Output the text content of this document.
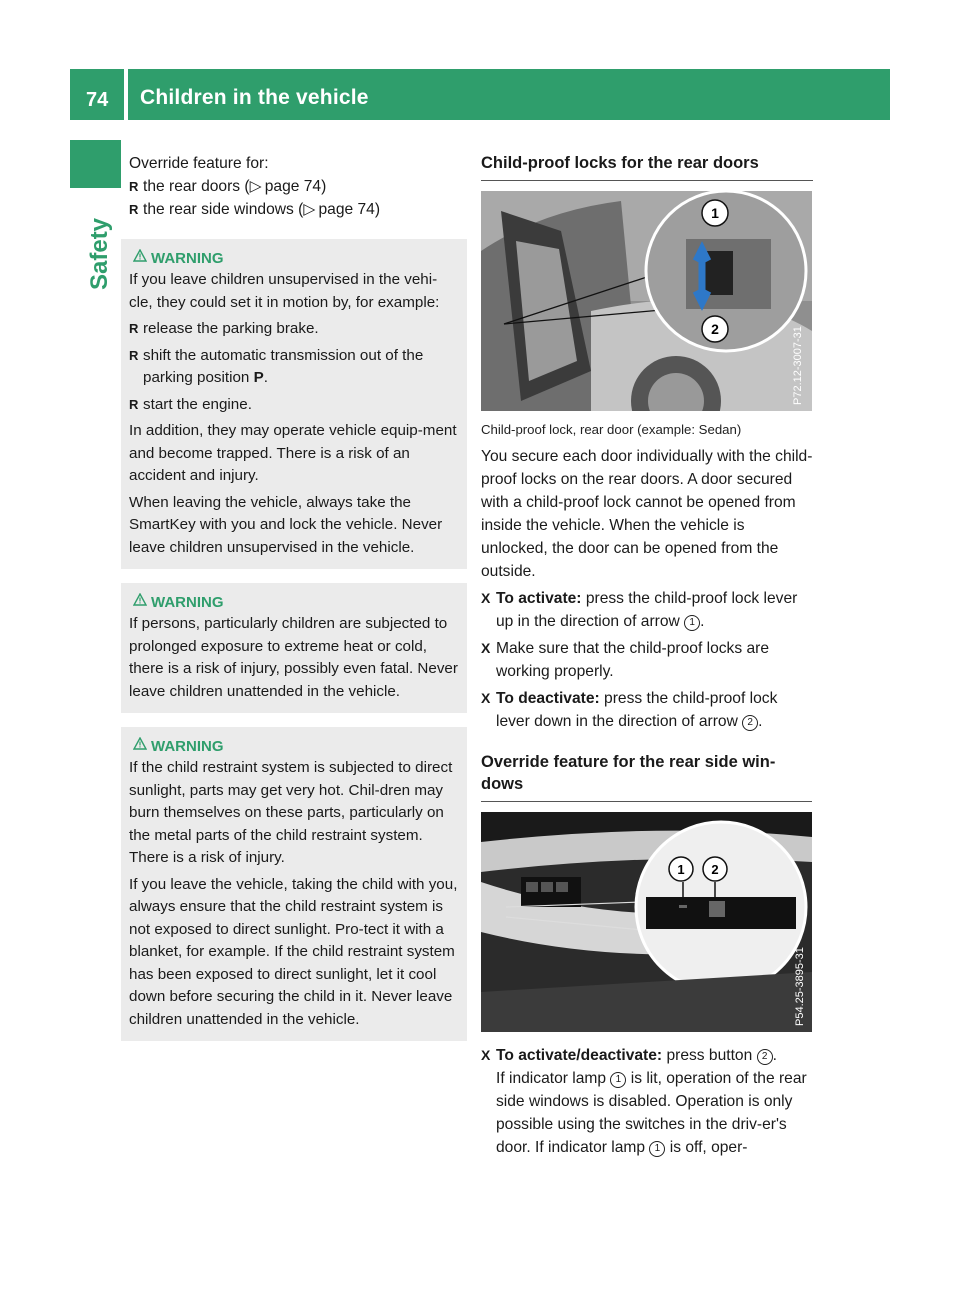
74 Children in the vehicle
Safety

Override feature for:

R the rear doors (▷ page 74)

R the rear side windows (▷ page 74)

WARNING

If you leave children unsupervised in the vehi-cle, they could set it in motion by, for example:

R release the parking brake.

R shift the automatic transmission out of the parking position P.

R start the engine.

In addition, they may operate vehicle equip-ment and become trapped. There is a risk of an accident and injury.

When leaving the vehicle, always take the SmartKey with you and lock the vehicle. Never leave children unsupervised in the vehicle.

WARNING

If persons, particularly children are subjected to prolonged exposure to extreme heat or cold, there is a risk of injury, possibly even fatal. Never leave children unattended in the vehicle.

WARNING

If the child restraint system is subjected to direct sunlight, parts may get very hot. Chil-dren may burn themselves on these parts, particularly on the metal parts of the child restraint system. There is a risk of injury.

If you leave the vehicle, taking the child with you, always ensure that the child restraint system is not exposed to direct sunlight. Pro-tect it with a blanket, for example. If the child restraint system has been exposed to direct sunlight, let it cool down before securing the child in it. Never leave children unattended in the vehicle.

Child-proof locks for the rear doors
1
2	P72.12-3007-31

Child-proof lock, rear door (example: Sedan)

You secure each door individually with the child-proof locks on the rear doors. A door secured with a child-proof lock cannot be opened from inside the vehicle. When the vehicle is unlocked, the door can be opened from the outside.

X To activate: press the child-proof lock lever up in the direction of arrow 1 .

X Make sure that the child-proof locks are working properly.

X To deactivate: press the child-proof lock lever down in the direction of arrow 2 .

Override feature for the rear side win-dows
1 2
P54.25-3895-31

X To activate/deactivate: press button 2 .

If indicator lamp 1 is lit, operation of the rear side windows is disabled. Operation is only possible using the switches in the driv-er's door. If indicator lamp 1 is off, oper-
